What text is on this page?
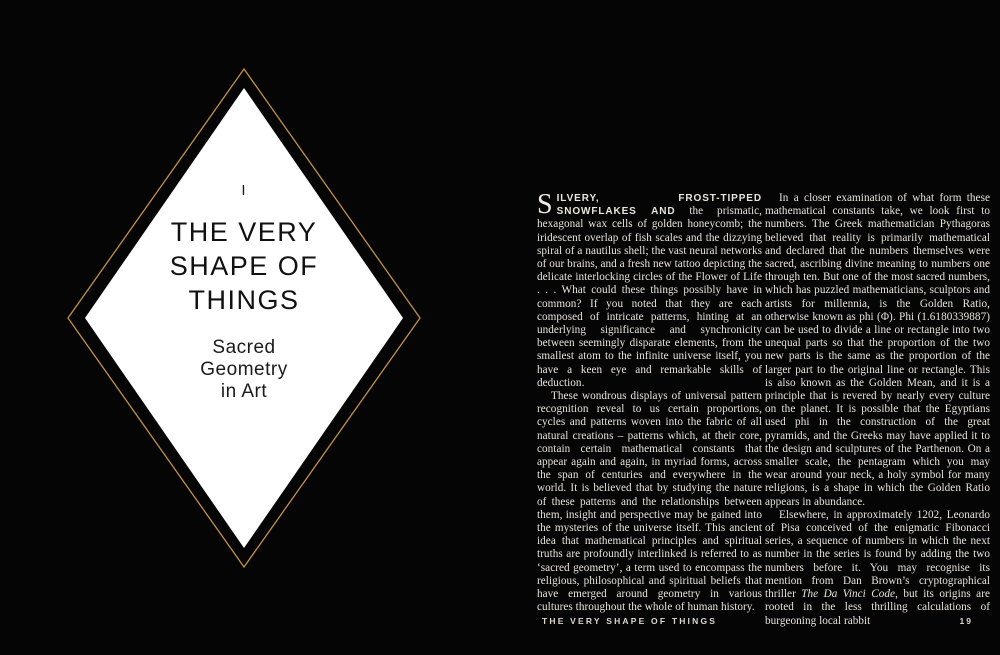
I
THE VERY
SHAPE OF
THINGS
Sacred
Geometry
in Art

SILVERY, FROST-TIPPED SNOWFLAKES AND the prismatic, hexagonal wax cells of golden honeycomb; the iridescent overlap of fish scales and the dizzying spiral of a nautilus shell; the vast neural networks of our brains, and a fresh new tattoo depicting the delicate interlocking circles of the Flower of Life . . . What could these things possibly have in common? If you noted that they are each composed of intricate patterns, hinting at an underlying significance and synchronicity between seemingly disparate elements, from the smallest atom to the infinite universe itself, you have a keen eye and remarkable skills of deduction.

These wondrous displays of universal pattern recognition reveal to us certain proportions, cycles and patterns woven into the fabric of all natural creations – patterns which, at their core, contain certain mathematical constants that appear again and again, in myriad forms, across the span of centuries and everywhere in the world. It is believed that by studying the nature of these patterns and the relationships between them, insight and perspective may be gained into the mysteries of the universe itself. This ancient idea that mathematical principles and spiritual truths are profoundly interlinked is referred to as ‘sacred geometry’, a term used to encompass the religious, philosophical and spiritual beliefs that have emerged around geometry in various cultures throughout the whole of human history.

In a closer examination of what form these mathematical constants take, we look first to numbers. The Greek mathematician Pythagoras believed that reality is primarily mathematical and declared that the numbers themselves were sacred, ascribing divine meaning to numbers one through ten. But one of the most sacred numbers, which has puzzled mathematicians, sculptors and artists for millennia, is the Golden Ratio, otherwise known as phi (Φ). Phi (1.6180339887) can be used to divide a line or rectangle into two unequal parts so that the proportion of the two new parts is the same as the proportion of the larger part to the original line or rectangle. This is also known as the Golden Mean, and it is a principle that is revered by nearly every culture on the planet. It is possible that the Egyptians used phi in the construction of the great pyramids, and the Greeks may have applied it to the design and sculptures of the Parthenon. On a smaller scale, the pentagram which you may wear around your neck, a holy symbol for many religions, is a shape in which the Golden Ratio appears in abundance.

Elsewhere, in approximately 1202, Leonardo of Pisa conceived of the enigmatic Fibonacci series, a sequence of numbers in which the next number in the series is found by adding the two numbers before it. You may recognise its mention from Dan Brown’s cryptographical thriller The Da Vinci Code, but its origins are rooted in the less thrilling calculations of burgeoning local rabbit

THE VERY SHAPE OF THINGS	19
